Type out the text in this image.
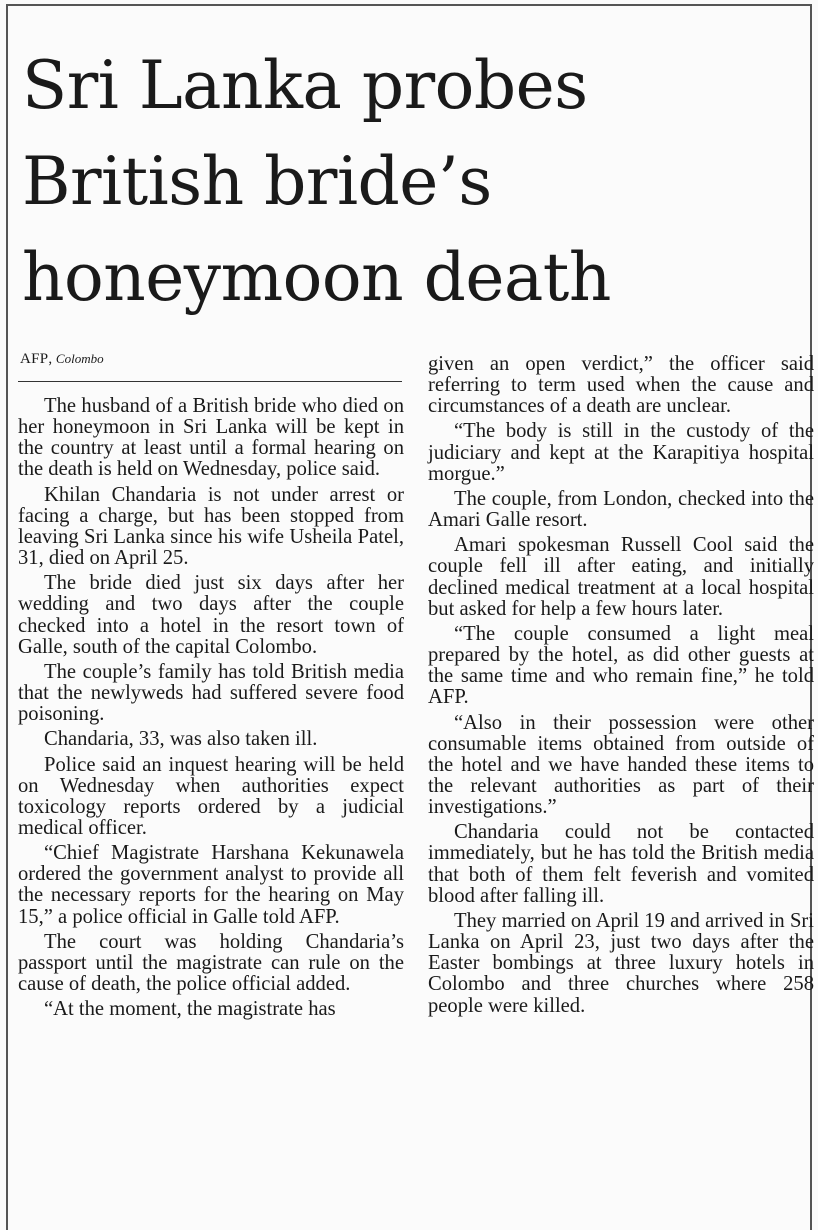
Sri Lanka probes
British bride’s
honeymoon death
AFP, Colombo

The husband of a British bride who died on her honeymoon in Sri Lanka will be kept in the country at least until a formal hearing on the death is held on Wednesday, police said.

Khilan Chandaria is not under arrest or facing a charge, but has been stopped from leaving Sri Lanka since his wife Usheila Patel, 31, died on April 25.

The bride died just six days after her wedding and two days after the couple checked into a hotel in the resort town of Galle, south of the capital Colombo.

The couple’s family has told British media that the newlyweds had suffered severe food poisoning.

Chandaria, 33, was also taken ill.

Police said an inquest hearing will be held on Wednesday when authorities expect toxicology reports ordered by a judicial medical officer.

“Chief Magistrate Harshana Kekunawela ordered the government analyst to provide all the necessary reports for the hearing on May 15,” a police official in Galle told AFP.

The court was holding Chandaria’s passport until the magistrate can rule on the cause of death, the police official added.

“At the moment, the magistrate has

given an open verdict,” the officer said referring to term used when the cause and circumstances of a death are unclear.

“The body is still in the custody of the judiciary and kept at the Karapitiya hospital morgue.”

The couple, from London, checked into the Amari Galle resort.

Amari spokesman Russell Cool said the couple fell ill after eating, and initially declined medical treatment at a local hospital but asked for help a few hours later.

“The couple consumed a light meal prepared by the hotel, as did other guests at the same time and who remain fine,” he told AFP.

“Also in their possession were other consumable items obtained from outside of the hotel and we have handed these items to the relevant authorities as part of their investigations.”

Chandaria could not be contacted immediately, but he has told the British media that both of them felt feverish and vomited blood after falling ill.

They married on April 19 and arrived in Sri Lanka on April 23, just two days after the Easter bombings at three luxury hotels in Colombo and three churches where 258 people were killed.
